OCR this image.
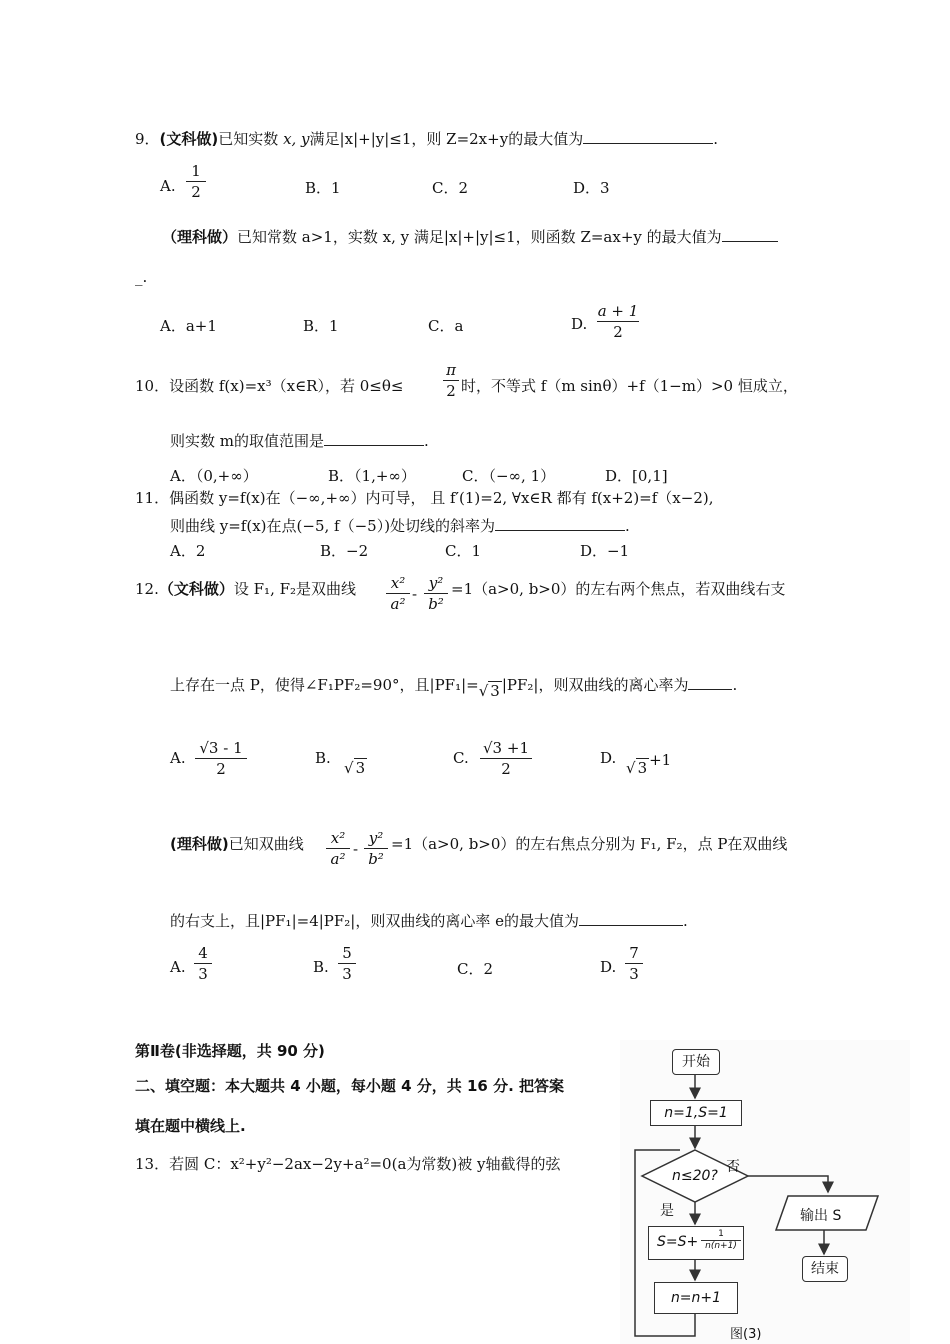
9．(文科做)已知实数 x, y满足|x|+|y|≤1，则 Z=2x+y的最大值为	.
A.
1
2	B．1	C．2	D．3
（理科做）已知常数 a>1，实数 x, y 满足|x|+|y|≤1，则函数 Z=ax+y 的最大值为
_.
A．a+1	B．1	C．a	D.
a + 1
2
10．设函数 f(x)=x³（x∈R），若 0≤θ≤
π
2 时，不等式 f（m sinθ）+f（1−m）>0 恒成立，
则实数 m的取值范围是	.
A．（0,+∞）	B．（1,+∞）	C．（−∞, 1）	D．[0,1]
11．偶函数 y=f(x)在（−∞,+∞）内可导， 且 f′(1)=2, ∀x∈R 都有 f(x+2)=f（x−2),
则曲线 y=f(x)在点(−5, f（−5）)处切线的斜率为	.
A．2	B．−2	C．1	D．−1
12.（文科做）设 F₁, F₂是双曲线	x²
a²
-
y²
b²
=1（a>0, b>0）的左右两个焦点，若双曲线右支
上存在一点 P，使得∠F₁PF₂=90°，且|PF₁|=√ 3 |PF₂|，则双曲线的离心率为	.
A.
√3 - 1
2
B.
√ 3
C.
√3 +1
2
D.
√ 3 +1
(理科做)已知双曲线	x²
a²
-
y²
b²
=1（a>0, b>0）的左右焦点分别为 F₁, F₂，点 P在双曲线
的右支上，且|PF₁|=4|PF₂|，则双曲线的离心率 e的最大值为	.
A.
4
3	B.
5
3	C．2	D.
7
3
第Ⅱ卷(非选择题，共 90 分)
二、填空题：本大题共 4 小题，每小题 4 分，共 16 分. 把答案
填在题中横线上.
13．若圆 C：x²+y²−2ax−2y+a²=0(a为常数)被 y轴截得的弦
开始
n=1,S=1
n≤20?
否
是
S=S+	1
n(n+1)
n=n+1
输出 S
结束
图(3)
